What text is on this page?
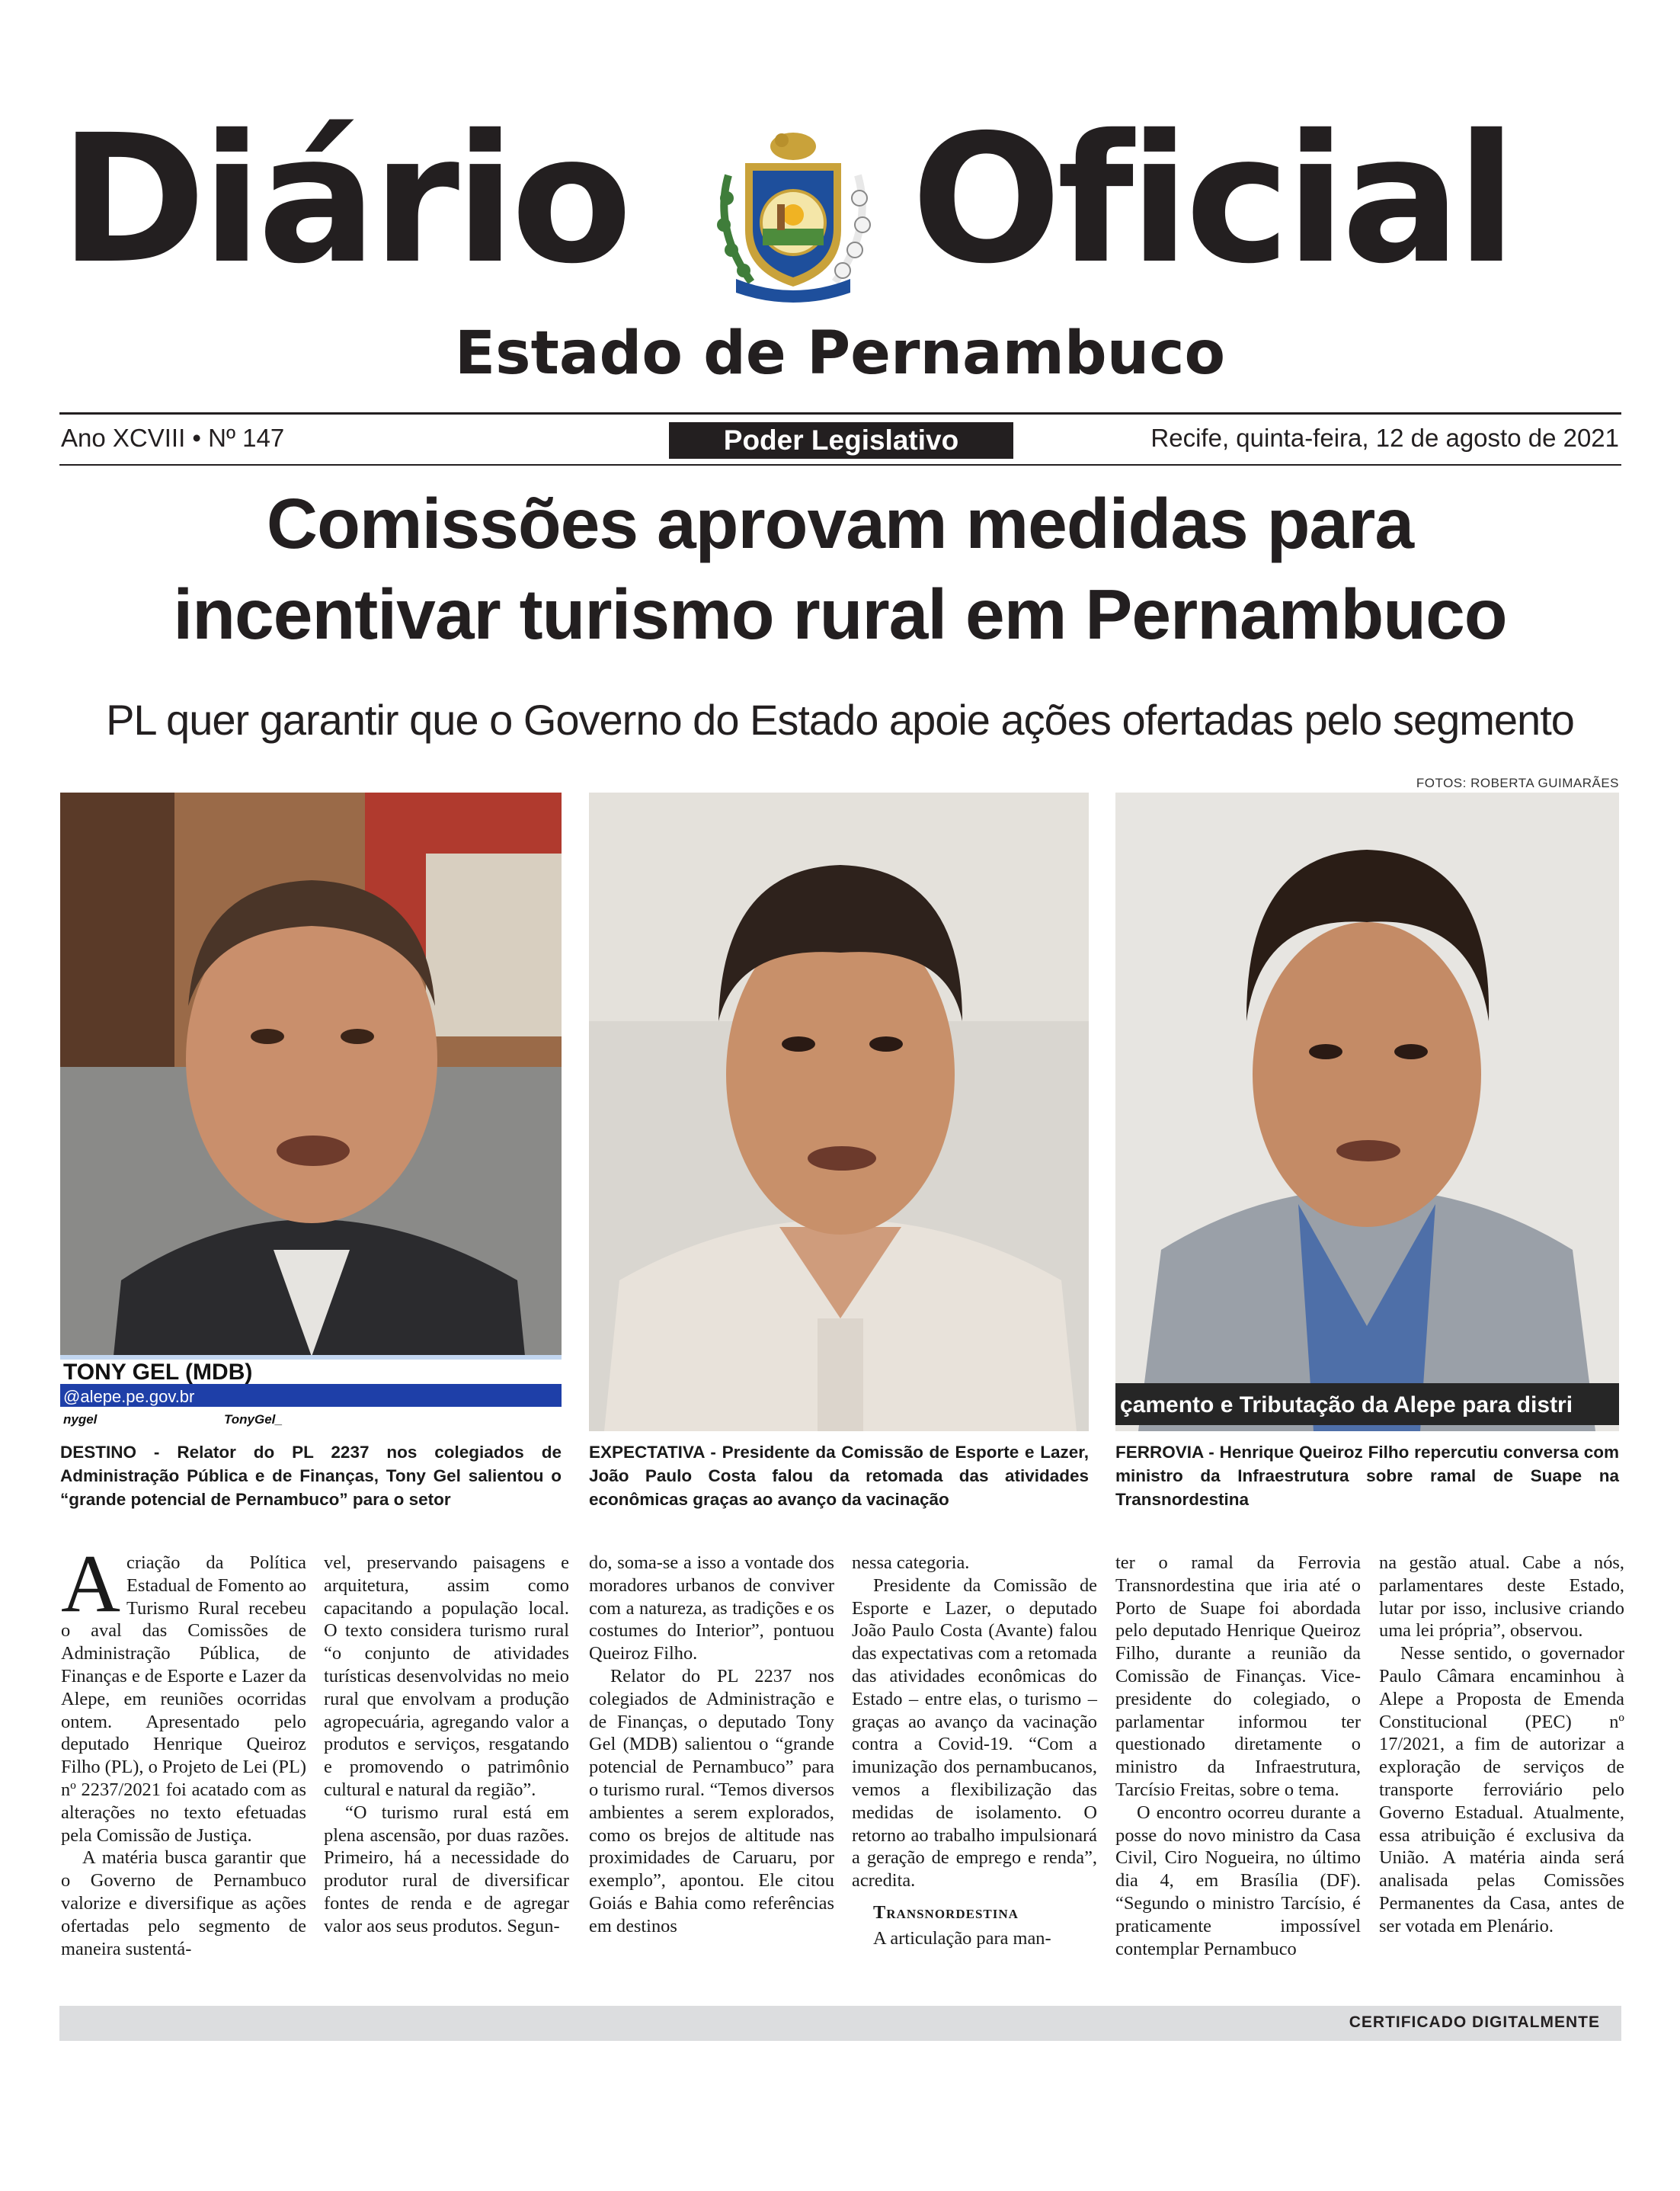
Diário Oficial
Estado de Pernambuco
Ano XCVIII • Nº 147	Poder Legislativo	Recife, quinta-feira, 12 de agosto de 2021
Comissões aprovam medidas para
incentivar turismo rural em Pernambuco
PL quer garantir que o Governo do Estado apoie ações ofertadas pelo segmento
FOTOS: ROBERTA GUIMARÃES
TONY GEL (MDB)
@alepe.pe.gov.br
nygel	TonyGel_
DESTINO - Relator do PL 2237 nos colegiados de Administração Pública e de Finanças, Tony Gel salientou o “grande potencial de Pernambuco” para o setor
EXPECTATIVA - Presidente da Comissão de Esporte e Lazer, João Paulo Costa falou da retomada das atividades econômicas graças ao avanço da vacinação
çamento e Tributação da Alepe para distri
FERROVIA - Henrique Queiroz Filho repercutiu conversa com ministro da Infraestrutura sobre ramal de Suape na Transnordestina

Acriação da Política Estadual de Fomento ao Turismo Rural recebeu o aval das Comissões de Administração Pública, de Finanças e de Esporte e Lazer da Alepe, em reuniões ocorridas ontem. Apresentado pelo deputado Henrique Queiroz Filho (PL), o Projeto de Lei (PL) nº 2237/2021 foi acatado com as alterações no texto efetuadas pela Comissão de Justiça.

A matéria busca garantir que o Governo de Pernambuco valorize e diversifique as ações ofertadas pelo segmento de maneira sustentá-

vel, preservando paisagens e arquitetura, assim como capacitando a população local. O texto considera turismo rural “o conjunto de atividades turísticas desenvolvidas no meio rural que envolvam a produção agropecuária, agregando valor a produtos e serviços, resgatando e promovendo o patrimônio cultural e natural da região”.

“O turismo rural está em plena ascensão, por duas razões. Primeiro, há a necessidade do produtor rural de diversificar fontes de renda e de agregar valor aos seus produtos. Segun-

do, soma-se a isso a vontade dos moradores urbanos de conviver com a natureza, as tradições e os costumes do Interior”, pontuou Queiroz Filho.

Relator do PL 2237 nos colegiados de Administração e de Finanças, o deputado Tony Gel (MDB) salientou o “grande potencial de Pernambuco” para o turismo rural. “Temos diversos ambientes a serem explorados, como os brejos de altitude nas proximidades de Caruaru, por exemplo”, apontou. Ele citou Goiás e Bahia como referências em destinos

nessa categoria.

Presidente da Comissão de Esporte e Lazer, o deputado João Paulo Costa (Avante) falou das expectativas com a retomada das atividades econômicas do Estado – entre elas, o turismo – graças ao avanço da vacinação contra a Covid-19. “Com a imunização dos pernambucanos, vemos a flexibilização das medidas de isolamento. O retorno ao trabalho impulsionará a geração de emprego e renda”, acredita.

Transnordestina

A articulação para man-

ter o ramal da Ferrovia Transnordestina que iria até o Porto de Suape foi abordada pelo deputado Henrique Queiroz Filho, durante a reunião da Comissão de Finanças. Vice-presidente do colegiado, o parlamentar informou ter questionado diretamente o ministro da Infraestrutura, Tarcísio Freitas, sobre o tema.

O encontro ocorreu durante a posse do novo ministro da Casa Civil, Ciro Nogueira, no último dia 4, em Brasília (DF). “Segundo o ministro Tarcísio, é praticamente impossível contemplar Pernambuco

na gestão atual. Cabe a nós, parlamentares deste Estado, lutar por isso, inclusive criando uma lei própria”, observou.

Nesse sentido, o governador Paulo Câmara encaminhou à Alepe a Proposta de Emenda Constitucional (PEC) nº 17/2021, a fim de autorizar a exploração de serviços de transporte ferroviário pelo Governo Estadual. Atualmente, essa atribuição é exclusiva da União. A matéria ainda será analisada pelas Comissões Permanentes da Casa, antes de ser votada em Plenário.

CERTIFICADO DIGITALMENTE
